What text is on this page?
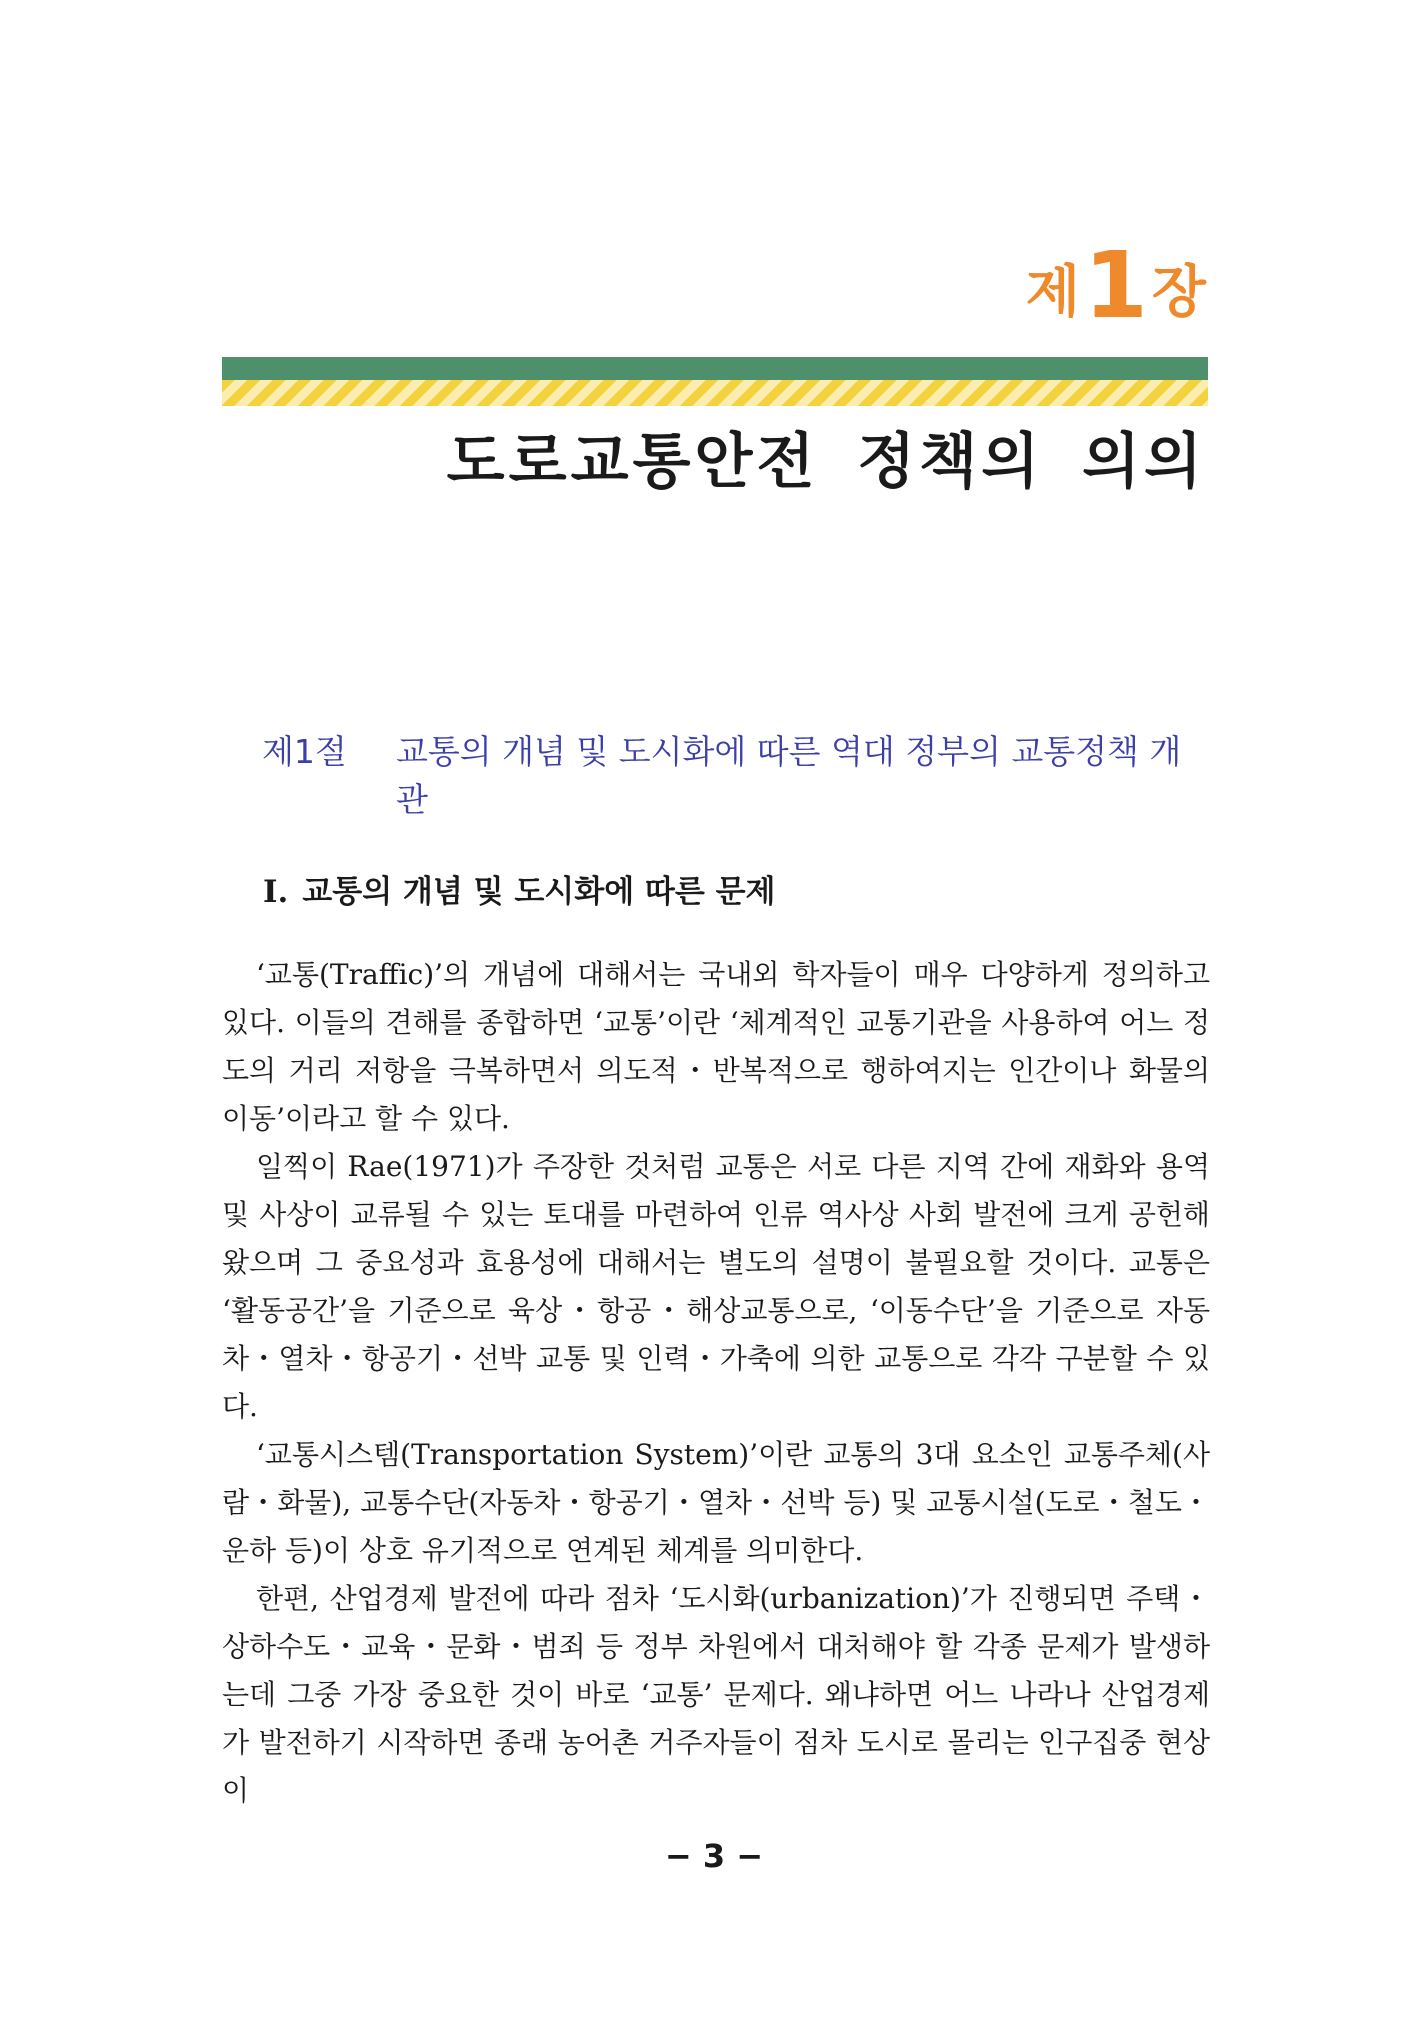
제1장
도로교통안전 정책의 의의
제1절 교통의 개념 및 도시화에 따른 역대 정부의 교통정책 개관
Ⅰ. 교통의 개념 및 도시화에 따른 문제

‘교통(Traffic)’의 개념에 대해서는 국내외 학자들이 매우 다양하게 정의하고 있다. 이들의 견해를 종합하면 ‘교통’이란 ‘체계적인 교통기관을 사용하여 어느 정도의 거리 저항을 극복하면서 의도적・반복적으로 행하여지는 인간이나 화물의 이동’이라고 할 수 있다.

일찍이 Rae(1971)가 주장한 것처럼 교통은 서로 다른 지역 간에 재화와 용역 및 사상이 교류될 수 있는 토대를 마련하여 인류 역사상 사회 발전에 크게 공헌해 왔으며 그 중요성과 효용성에 대해서는 별도의 설명이 불필요할 것이다. 교통은 ‘활동공간’을 기준으로 육상・항공・해상교통으로, ‘이동수단’을 기준으로 자동차・열차・항공기・선박 교통 및 인력・가축에 의한 교통으로 각각 구분할 수 있다.

‘교통시스템(Transportation System)’이란 교통의 3대 요소인 교통주체(사람・화물), 교통수단(자동차・항공기・열차・선박 등) 및 교통시설(도로・철도・운하 등)이 상호 유기적으로 연계된 체계를 의미한다.

한편, 산업경제 발전에 따라 점차 ‘도시화(urbanization)’가 진행되면 주택・상하수도・교육・문화・범죄 등 정부 차원에서 대처해야 할 각종 문제가 발생하는데 그중 가장 중요한 것이 바로 ‘교통’ 문제다. 왜냐하면 어느 나라나 산업경제가 발전하기 시작하면 종래 농어촌 거주자들이 점차 도시로 몰리는 인구집중 현상이

− 3 −
